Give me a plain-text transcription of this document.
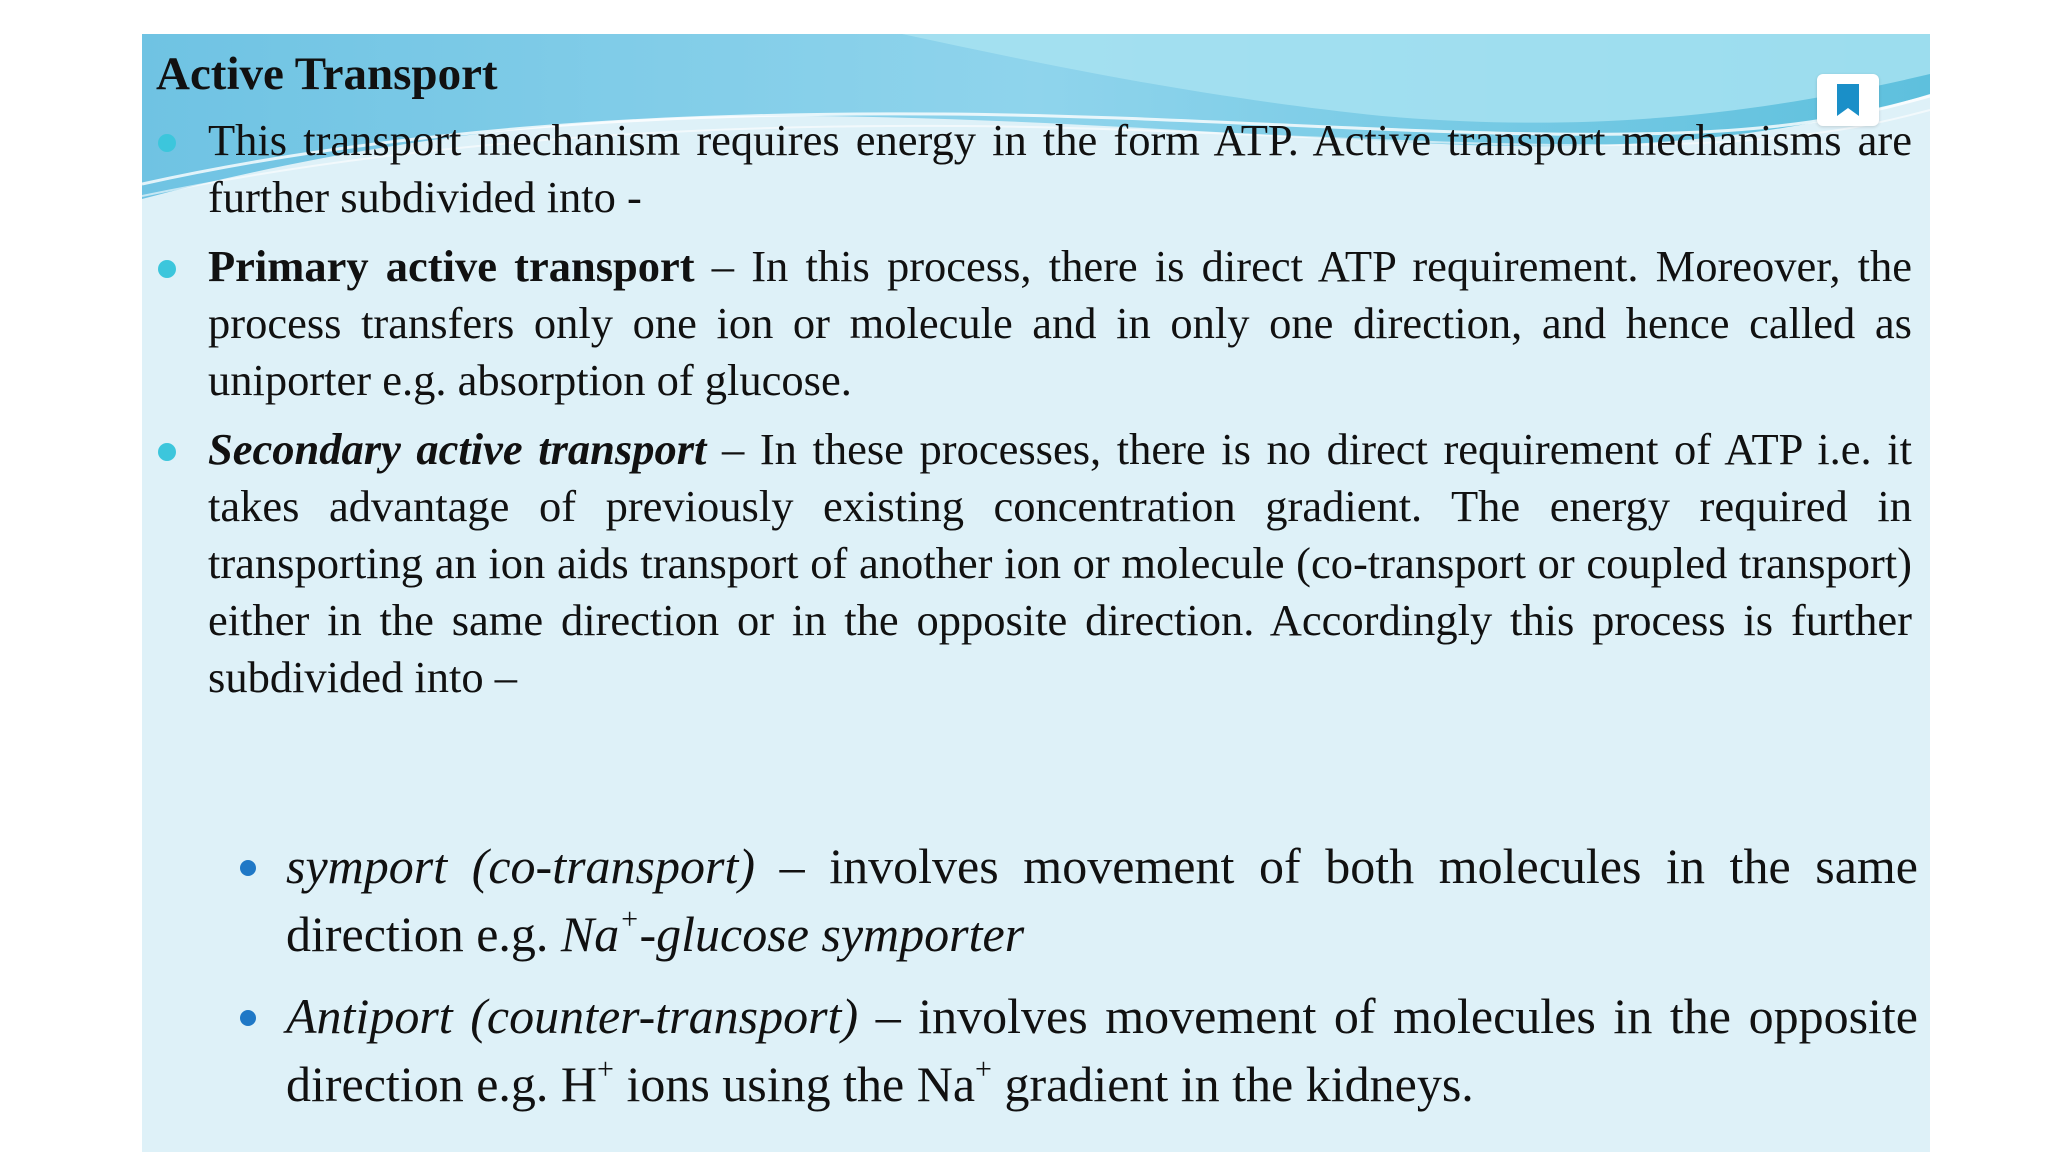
Active Transport
This transport mechanism requires energy in the form ATP. Active transport mechanisms are further subdivided into -
Primary active transport – In this process, there is direct ATP requirement. Moreover, the process transfers only one ion or molecule and in only one direction, and hence called as uniporter e.g. absorption of glucose.
Secondary active transport – In these processes, there is no direct requirement of ATP i.e. it takes advantage of previously existing concentration gradient. The energy required in transporting an ion aids transport of another ion or molecule (co-transport or coupled transport) either in the same direction or in the opposite direction. Accordingly this process is further subdivided into –
symport (co-transport) – involves movement of both molecules in the same direction e.g. Na+-glucose symporter
Antiport (counter-transport) – involves movement of molecules in the opposite direction e.g. H+ ions using the Na+ gradient in the kidneys.
